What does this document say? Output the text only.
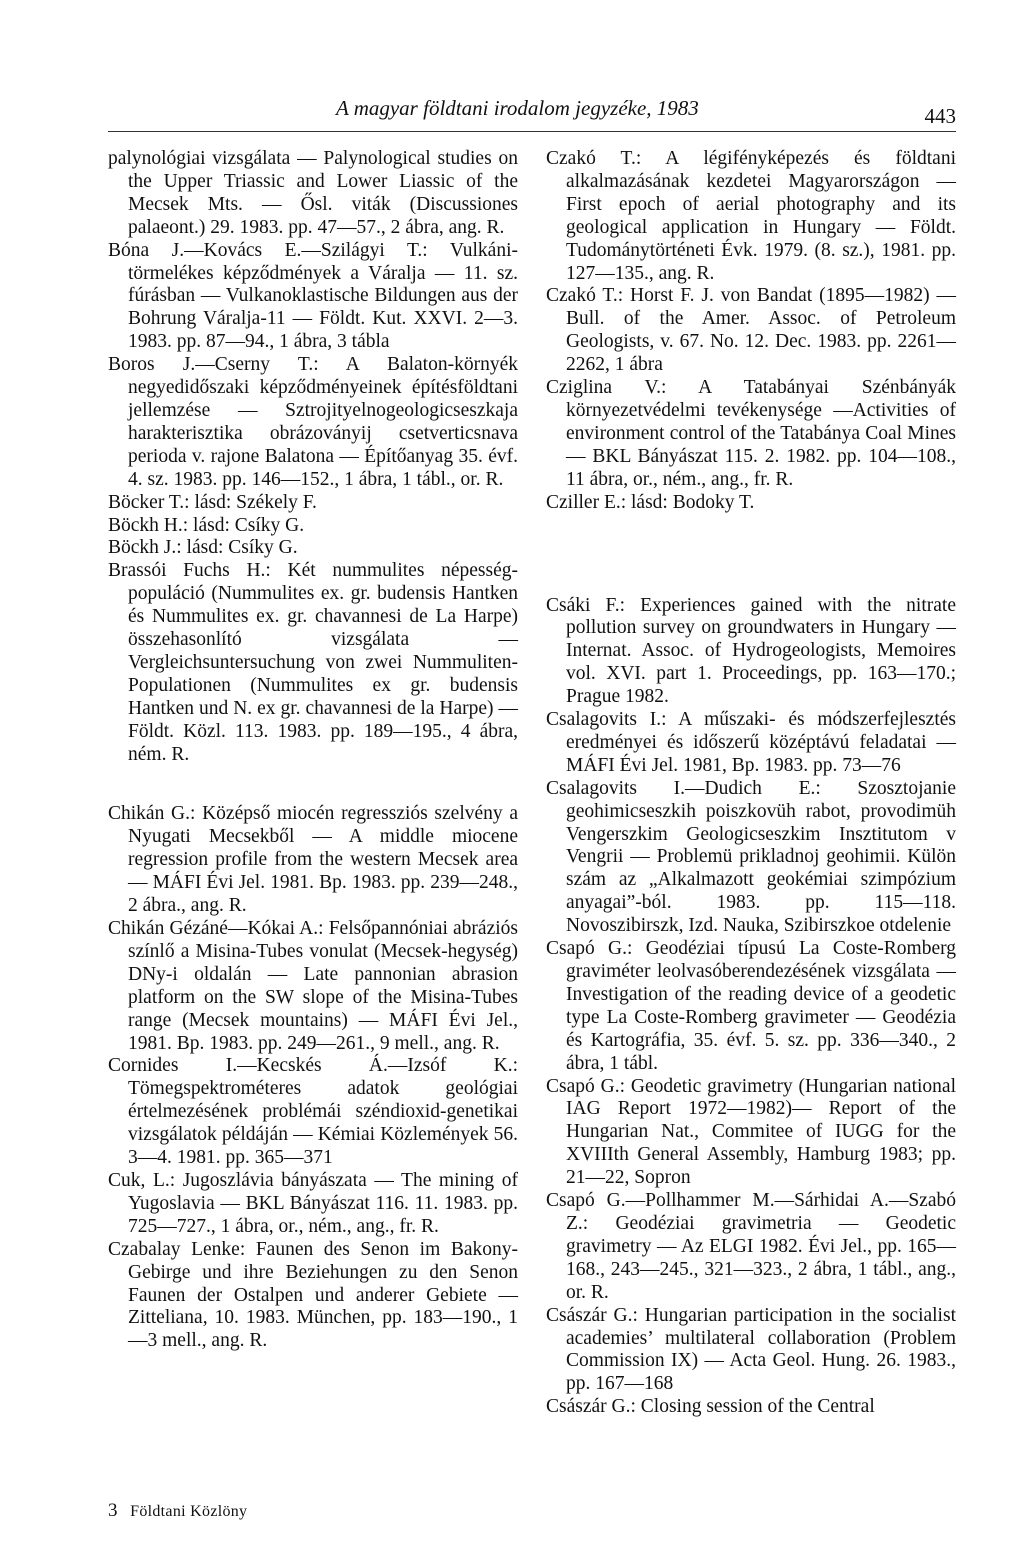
A magyar földtani irodalom jegyzéke, 1983	443

palynológiai vizsgálata — Palynological studies on the Upper Triassic and Lower Liassic of the Mecsek Mts. — Ősl. viták (Discussiones palaeont.) 29. 1983. pp. 47—57., 2 ábra, ang. R.

Bóna J.—Kovács E.—Szilágyi T.: Vulkáni-törmelékes képződmények a Váralja — 11. sz. fúrásban — Vulkanoklastische Bildungen aus der Bohrung Váralja-11 — Földt. Kut. XXVI. 2—3. 1983. pp. 87—94., 1 ábra, 3 tábla

Boros J.—Cserny T.: A Balaton-környék negyedidőszaki képződményeinek építésföldtani jellemzése — Sztrojityelnogeologicseszkaja harakterisztika obrázoványij csetverticsnava perioda v. rajone Balatona — Építőanyag 35. évf. 4. sz. 1983. pp. 146—152., 1 ábra, 1 tábl., or. R.

Böcker T.: lásd: Székely F.

Böckh H.: lásd: Csíky G.

Böckh J.: lásd: Csíky G.

Brassói Fuchs H.: Két nummulites népesség-populáció (Nummulites ex. gr. budensis Hantken és Nummulites ex. gr. chavannesi de La Harpe) összehasonlító vizsgálata — Vergleichsuntersuchung von zwei Nummuliten-Populationen (Nummulites ex gr. budensis Hantken und N. ex gr. chavannesi de la Harpe) — Földt. Közl. 113. 1983. pp. 189—195., 4 ábra, ném. R.

Chikán G.: Középső miocén regressziós szelvény a Nyugati Mecsekből — A middle miocene regression profile from the western Mecsek area — MÁFI Évi Jel. 1981. Bp. 1983. pp. 239—248., 2 ábra., ang. R.

Chikán Gézáné—Kókai A.: Felsőpannóniai abráziós színlő a Misina-Tubes vonulat (Mecsek-hegység) DNy-i oldalán — Late pannonian abrasion platform on the SW slope of the Misina-Tubes range (Mecsek mountains) — MÁFI Évi Jel., 1981. Bp. 1983. pp. 249—261., 9 mell., ang. R.

Cornides I.—Kecskés Á.—Izsóf K.: Tömegspektrométeres adatok geológiai értelmezésének problémái széndioxid-genetikai vizsgálatok példáján — Kémiai Közlemények 56. 3—4. 1981. pp. 365—371

Cuk, L.: Jugoszlávia bányászata — The mining of Yugoslavia — BKL Bányászat 116. 11. 1983. pp. 725—727., 1 ábra, or., ném., ang., fr. R.

Czabalay Lenke: Faunen des Senon im Bakony-Gebirge und ihre Beziehungen zu den Senon Faunen der Ostalpen und anderer Gebiete — Zitteliana, 10. 1983. München, pp. 183—190., 1—3 mell., ang. R.

Czakó T.: A légifényképezés és földtani alkalmazásának kezdetei Magyarországon — First epoch of aerial photography and its geological application in Hungary — Földt. Tudománytörténeti Évk. 1979. (8. sz.), 1981. pp. 127—135., ang. R.

Czakó T.: Horst F. J. von Bandat (1895—1982) — Bull. of the Amer. Assoc. of Petroleum Geologists, v. 67. No. 12. Dec. 1983. pp. 2261—2262, 1 ábra

Cziglina V.: A Tatabányai Szénbányák környezetvédelmi tevékenysége —Activities of environment control of the Tatabánya Coal Mines — BKL Bányászat 115. 2. 1982. pp. 104—108., 11 ábra, or., ném., ang., fr. R.

Cziller E.: lásd: Bodoky T.

Csáki F.: Experiences gained with the nitrate pollution survey on groundwaters in Hungary — Internat. Assoc. of Hydrogeologists, Memoires vol. XVI. part 1. Proceedings, pp. 163—170.; Prague 1982.

Csalagovits I.: A műszaki- és módszerfejlesztés eredményei és időszerű középtávú feladatai — MÁFI Évi Jel. 1981, Bp. 1983. pp. 73—76

Csalagovits I.—Dudich E.: Szosztojanie geohimicseszkih poiszkovüh rabot, provodimüh Vengerszkim Geologicseszkim Insztitutom v Vengrii — Problemü prikladnoj geohimii. Külön szám az „Alkalmazott geokémiai szimpózium anyagai”-ból. 1983. pp. 115—118. Novoszibirszk, Izd. Nauka, Szibirszkoe otdelenie

Csapó G.: Geodéziai típusú La Coste-Romberg graviméter leolvasóberendezésének vizsgálata — Investigation of the reading device of a geodetic type La Coste-Romberg gravimeter — Geodézia és Kartográfia, 35. évf. 5. sz. pp. 336—340., 2 ábra, 1 tábl.

Csapó G.: Geodetic gravimetry (Hungarian national IAG Report 1972—1982)— Report of the Hungarian Nat., Commitee of IUGG for the XVIIIth General Assembly, Hamburg 1983; pp. 21—22, Sopron

Csapó G.—Pollhammer M.—Sárhidai A.—Szabó Z.: Geodéziai gravimetria — Geodetic gravimetry — Az ELGI 1982. Évi Jel., pp. 165—168., 243—245., 321—323., 2 ábra, 1 tábl., ang., or. R.

Császár G.: Hungarian participation in the socialist academies’ multilateral collaboration (Problem Commission IX) — Acta Geol. Hung. 26. 1983., pp. 167—168

Császár G.: Closing session of the Central

3 Földtani Közlöny
